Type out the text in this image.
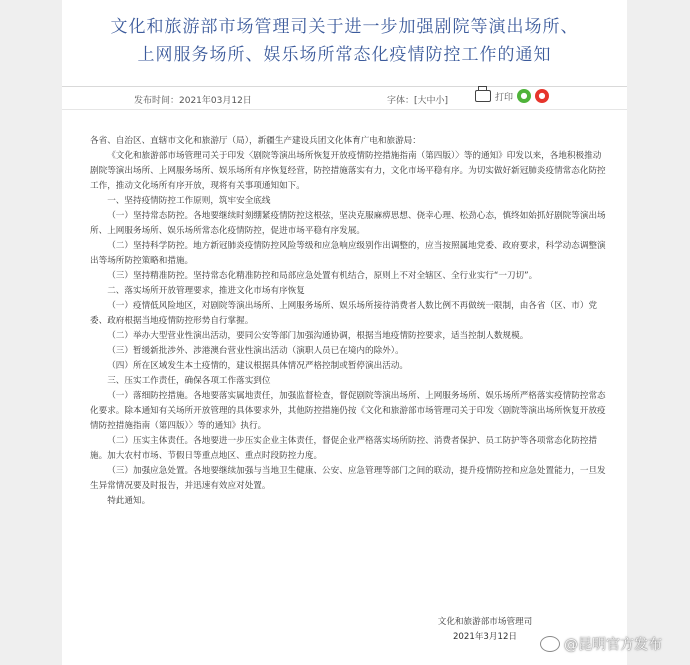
文化和旅游部市场管理司关于进一步加强剧院等演出场所、
上网服务场所、娱乐场所常态化疫情防控工作的通知
发布时间：2021年03月12日	字体：[大中小]	打印 ●	●

各省、自治区、直辖市文化和旅游厅（局），新疆生产建设兵团文化体育广电和旅游局：

《文化和旅游部市场管理司关于印发〈剧院等演出场所恢复开放疫情防控措施指南（第四版）〉等的通知》印发以来，各地积极推动剧院等演出场所、上网服务场所、娱乐场所有序恢复经营，防控措施落实有力，文化市场平稳有序。为切实做好新冠肺炎疫情常态化防控工作，推动文化场所有序开放，现将有关事项通知如下。

一、坚持疫情防控工作原则，筑牢安全底线

（一）坚持常态防控。各地要继续时刻绷紧疫情防控这根弦，坚决克服麻痹思想、侥幸心理、松劲心态，慎终如始抓好剧院等演出场所、上网服务场所、娱乐场所常态化疫情防控，促进市场平稳有序发展。

（二）坚持科学防控。地方新冠肺炎疫情防控风险等级和应急响应级别作出调整的，应当按照属地党委、政府要求，科学动态调整演出等场所防控策略和措施。

（三）坚持精准防控。坚持常态化精准防控和局部应急处置有机结合，原则上不对全辖区、全行业实行“一刀切”。

二、落实场所开放管理要求，推进文化市场有序恢复

（一）疫情低风险地区，对剧院等演出场所、上网服务场所、娱乐场所接待消费者人数比例不再做统一限制，由各省（区、市）党委、政府根据当地疫情防控形势自行掌握。

（二）举办大型营业性演出活动，要同公安等部门加强沟通协调，根据当地疫情防控要求，适当控制人数规模。

（三）暂缓新批涉外、涉港澳台营业性演出活动（演职人员已在境内的除外）。

（四）所在区域发生本土疫情的，建议根据具体情况严格控制或暂停演出活动。

三、压实工作责任，确保各项工作落实到位

（一）落细防控措施。各地要落实属地责任，加强监督检查，督促剧院等演出场所、上网服务场所、娱乐场所严格落实疫情防控常态化要求。除本通知有关场所开放管理的具体要求外，其他防控措施仍按《文化和旅游部市场管理司关于印发〈剧院等演出场所恢复开放疫情防控措施指南（第四版）〉等的通知》执行。

（二）压实主体责任。各地要进一步压实企业主体责任，督促企业严格落实场所防控、消费者保护、员工防护等各项常态化防控措施。加大农村市场、节假日等重点地区、重点时段防控力度。

（三）加强应急处置。各地要继续加强与当地卫生健康、公安、应急管理等部门之间的联动，提升疫情防控和应急处置能力，一旦发生异常情况要及时报告，并迅速有效应对处置。

特此通知。

文化和旅游部市场管理司
2021年3月12日	@昆明官方发布
